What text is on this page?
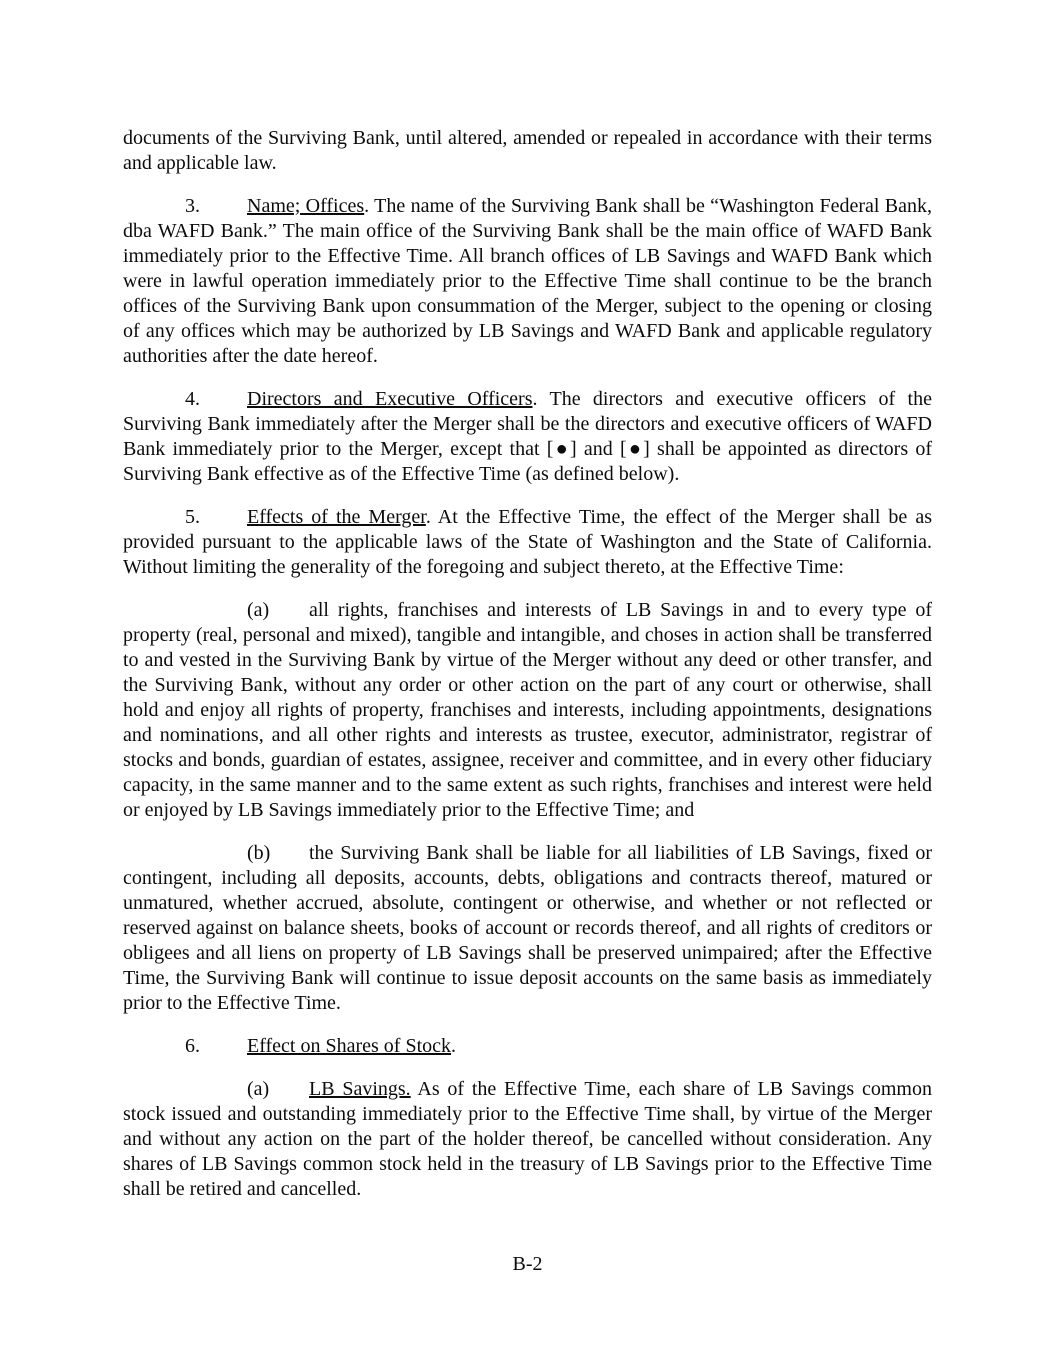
documents of the Surviving Bank, until altered, amended or repealed in accordance with their terms and applicable law.

3. Name; Offices. The name of the Surviving Bank shall be “Washington Federal Bank, dba WAFD Bank.” The main office of the Surviving Bank shall be the main office of WAFD Bank immediately prior to the Effective Time. All branch offices of LB Savings and WAFD Bank which were in lawful operation immediately prior to the Effective Time shall continue to be the branch offices of the Surviving Bank upon consummation of the Merger, subject to the opening or closing of any offices which may be authorized by LB Savings and WAFD Bank and applicable regulatory authorities after the date hereof.

4. Directors and Executive Officers. The directors and executive officers of the Surviving Bank immediately after the Merger shall be the directors and executive officers of WAFD Bank immediately prior to the Merger, except that [●] and [●] shall be appointed as directors of Surviving Bank effective as of the Effective Time (as defined below).

5. Effects of the Merger. At the Effective Time, the effect of the Merger shall be as provided pursuant to the applicable laws of the State of Washington and the State of California. Without limiting the generality of the foregoing and subject thereto, at the Effective Time:

(a) all rights, franchises and interests of LB Savings in and to every type of property (real, personal and mixed), tangible and intangible, and choses in action shall be transferred to and vested in the Surviving Bank by virtue of the Merger without any deed or other transfer, and the Surviving Bank, without any order or other action on the part of any court or otherwise, shall hold and enjoy all rights of property, franchises and interests, including appointments, designations and nominations, and all other rights and interests as trustee, executor, administrator, registrar of stocks and bonds, guardian of estates, assignee, receiver and committee, and in every other fiduciary capacity, in the same manner and to the same extent as such rights, franchises and interest were held or enjoyed by LB Savings immediately prior to the Effective Time; and

(b) the Surviving Bank shall be liable for all liabilities of LB Savings, fixed or contingent, including all deposits, accounts, debts, obligations and contracts thereof, matured or unmatured, whether accrued, absolute, contingent or otherwise, and whether or not reflected or reserved against on balance sheets, books of account or records thereof, and all rights of creditors or obligees and all liens on property of LB Savings shall be preserved unimpaired; after the Effective Time, the Surviving Bank will continue to issue deposit accounts on the same basis as immediately prior to the Effective Time.

6. Effect on Shares of Stock.

(a) LB Savings. As of the Effective Time, each share of LB Savings common stock issued and outstanding immediately prior to the Effective Time shall, by virtue of the Merger and without any action on the part of the holder thereof, be cancelled without consideration. Any shares of LB Savings common stock held in the treasury of LB Savings prior to the Effective Time shall be retired and cancelled.

B-2
